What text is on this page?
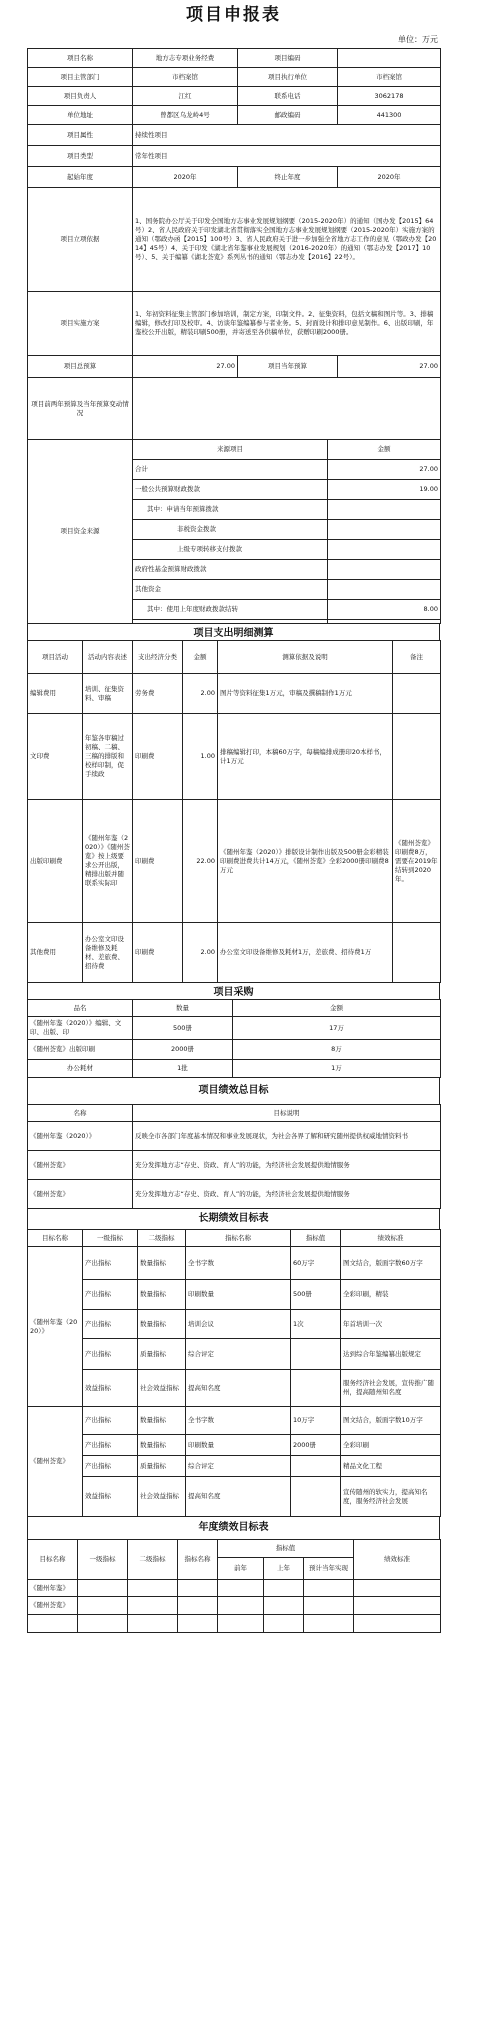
项目申报表
单位：万元
项目名称	地方志专项业务经费	项目编码	
项目主管部门	市档案馆	项目执行单位	市档案馆
项目负责人	江红	联系电话	3062178
单位地址	曾都区乌龙岭4号	邮政编码	441300
项目属性	持续性项目		
项目类型	常年性项目		
起始年度	2020年	终止年度	2020年
项目立项依据	1、国务院办公厅关于印发全国地方志事业发展规划纲要（2015-2020年）的通知（国办发【2015】64号）2、省人民政府关于印发湖北省贯彻落实全国地方志事业发展规划纲要（2015-2020年）实施方案的通知（鄂政办函【2015】100号）3、省人民政府关于进一步加强全省地方志工作的意见（鄂政办发【2014】45号）4、关于印发《湖北省年鉴事业发展规划（2016-2020年）的通知（鄂志办发【2017】10号）、5、关于编纂《湖北荟览》系列丛书的通知（鄂志办发【2016】22号）。		
项目实施方案	1、年初资料征集主管部门参加培训，制定方案，印制文件。2、征集资料，包括文稿和图片等。3、排稿编辑，修改打印及校审。4、访谈年鉴编纂参与者业务。5、封面设计和排印意见制作。6、出版印刷，年鉴校公开出版，精装印刷500册，并寄送至各供稿单位，获赠印刷2000册。		
项目总预算	27.00	项目当年预算	27.00
项目前两年预算及当年预算变动情况			
项目资金来源	来源项目	金额
	合计	27.00
	一般公共预算财政拨款	19.00
	其中：申请当年预算拨款	
	非税资金拨款	
	上级专项转移支付拨款	
	政府性基金预算财政拨款	
	其他资金	
	其中：使用上年度财政拨款结转	8.00

项目支出明细测算
项目活动	活动内容表述	支出经济分类	金额	测算依据及说明	备注
编辑费用	培训、征集资料、审稿	劳务费	2.00	图片等资料征集1万元，审稿及撰稿制作1万元	
文印费	年鉴各审稿过初稿、二稿、三稿的排版和校样印制，促手续政	印刷费	1.00	排稿编辑打印，本稿60万字，每稿编排成册印20本样书，计1万元	
出版印刷费	《随州年鉴（2020）》《随州荟览》按上级要求公开出版，精排出版并随联系实际印	印刷费	22.00	《随州年鉴（2020）》排版设计制作出版及500册金彩精装印刷费进费共计14万元，《随州荟览》全彩2000册印刷费8万元	《随州荟览》印刷费8万，需要在2019年结转到2020年。
其他费用	办公室文印设备维修及耗材、差旅费、招待费	印刷费	2.00	办公室文印设备维修及耗材1万，差旅费、招待费1万	
项目采购
品名	数量	金额
《随州年鉴（2020）》编辑、文印、出版、印	500册	17万
《随州荟览》出版印刷	2000册	8万
办公耗材	1批	1万
项目绩效总目标
名称	目标说明
《随州年鉴（2020）》	反映全市各部门年度基本情况和事业发展现状，为社会各界了解和研究随州提供权威地情资料书
《随州荟览》	充分发挥地方志“存史、资政、育人”的功能，为经济社会发展提供地情服务
《随州荟览》	充分发挥地方志“存史、资政、育人”的功能，为经济社会发展提供地情服务
长期绩效目标表
目标名称	一级指标	二级指标	指标名称	指标值	绩效标准
《随州年鉴（2020）》	产出指标	数量指标	全书字数	60万字	图文结合，版面字数60万字
	产出指标	数量指标	印刷数量	500册	全彩印刷，精装
	产出指标	数量指标	培训会议	1次	年首培训一次
	产出指标	质量指标	综合评定		达到综合年鉴编纂出版规定
	效益指标	社会效益指标	提高知名度		服务经济社会发展，宣传推广随州，提高随州知名度
《随州荟览》	产出指标	数量指标	全书字数	10万字	图文结合，版面字数10万字
	产出指标	数量指标	印刷数量	2000册	全彩印刷
	产出指标	质量指标	综合评定		精品文化工程
	效益指标	社会效益指标	提高知名度		宣传随州的软实力，提高知名度，服务经济社会发展
年度绩效目标表
目标名称	一级指标	二级指标	指标名称	指标值			绩效标准
				前年	上年	预计当年实现	
《随州年鉴》							
《随州荟览》							
